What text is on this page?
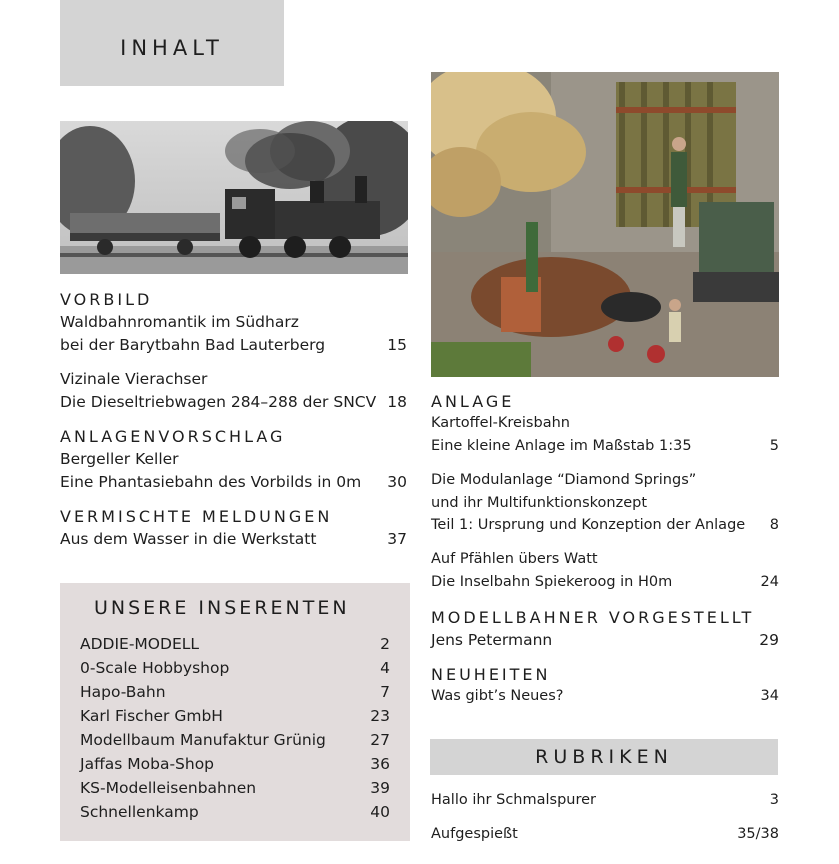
INHALT
VORBILD
Waldbahnromantik im Südharz
bei der Barytbahn Bad Lauterberg	15
Vizinale Vierachser
Die Dieseltriebwagen 284–288 der SNCV 18
ANLAGENVORSCHLAG
Bergeller Keller
Eine Phantasiebahn des Vorbilds in 0m 30
VERMISCHTE MELDUNGEN
Aus dem Wasser in die Werkstatt	37
UNSERE INSERENTEN
ADDIE-MODELL	2
0-Scale Hobbyshop	4
Hapo-Bahn	7
Karl Fischer GmbH	23
Modellbaum Manufaktur Grünig	27
Jaffas Moba-Shop	36
KS-Modelleisenbahnen	39
Schnellenkamp	40
ANLAGE
Kartoffel-Kreisbahn
Eine kleine Anlage im Maßstab 1:35	5
Die Modulanlage “Diamond Springs”
und ihr Multifunktionskonzept
Teil 1: Ursprung und Konzeption der Anlage 8
Auf Pfählen übers Watt
Die Inselbahn Spiekeroog in H0m	24
MODELLBAHNER VORGESTELLT
Jens Petermann	29
NEUHEITEN
Was gibt’s Neues?	34
RUBRIKEN
Hallo ihr Schmalspurer	3
Aufgespießt	35/38
